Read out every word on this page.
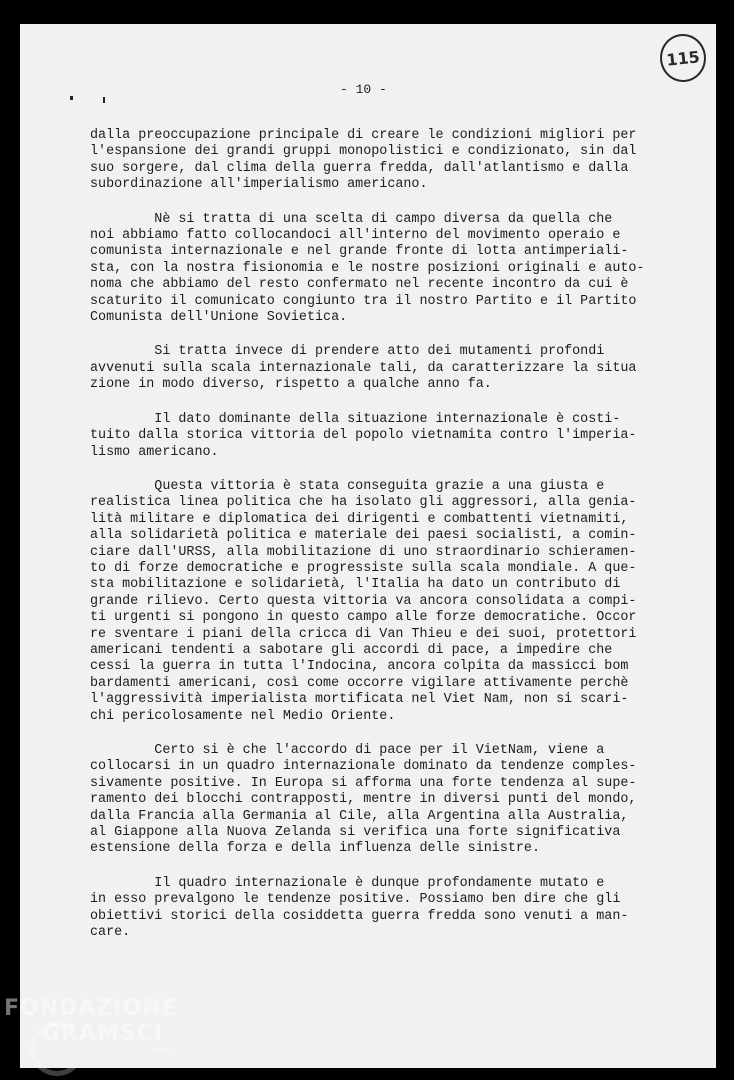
- 10 -
115

dalla preoccupazione principale di creare le condizioni migliori per
l'espansione dei grandi gruppi monopolistici e condizionato, sin dal
suo sorgere, dal clima della guerra fredda, dall'atlantismo e dalla
subordinazione all'imperialismo americano.

Nè si tratta di una scelta di campo diversa da quella che
noi abbiamo fatto collocandoci all'interno del movimento operaio e
comunista internazionale e nel grande fronte di lotta antimperiali-
sta, con la nostra fisionomia e le nostre posizioni originali e auto-
noma che abbiamo del resto confermato nel recente incontro da cui è
scaturito il comunicato congiunto tra il nostro Partito e il Partito
Comunista dell'Unione Sovietica.

Si tratta invece di prendere atto dei mutamenti profondi
avvenuti sulla scala internazionale tali, da caratterizzare la situa
zione in modo diverso, rispetto a qualche anno fa.

Il dato dominante della situazione internazionale è costi-
tuito dalla storica vittoria del popolo vietnamita contro l'imperia-
lismo americano.

Questa vittoria è stata conseguita grazie a una giusta e
realistica linea politica che ha isolato gli aggressori, alla genia-
lità militare e diplomatica dei dirigenti e combattenti vietnamiti,
alla solidarietà politica e materiale dei paesi socialisti, a comin-
ciare dall'URSS, alla mobilitazione di uno straordinario schieramen-
to di forze democratiche e progressiste sulla scala mondiale. A que-
sta mobilitazione e solidarietà, l'Italia ha dato un contributo di
grande rilievo. Certo questa vittoria va ancora consolidata a compi-
ti urgenti si pongono in questo campo alle forze democratiche. Occor
re sventare i piani della cricca di Van Thieu e dei suoi, protettori
americani tendenti a sabotare gli accordi di pace, a impedire che
cessi la guerra in tutta l'Indocina, ancora colpita da massicci bom
bardamenti americani, così come occorre vigilare attivamente perchè
l'aggressività imperialista mortificata nel Viet Nam, non si scari-
chi pericolosamente nel Medio Oriente.

Certo si è che l'accordo di pace per il VietNam, viene a
collocarsi in un quadro internazionale dominato da tendenze comples-
sivamente positive. In Europa si afforma una forte tendenza al supe-
ramento dei blocchi contrapposti, mentre in diversi punti del mondo,
dalla Francia alla Germania al Cile, alla Argentina alla Australia,
al Giappone alla Nuova Zelanda si verifica una forte significativa
estensione della forza e della influenza delle sinistre.

Il quadro internazionale è dunque profondamente mutato e
in esso prevalgono le tendenze positive. Possiamo ben dire che gli
obiettivi storici della cosiddetta guerra fredda sono venuti a man-
care.

FONDAZIONE
GRAMSCI
onlus
